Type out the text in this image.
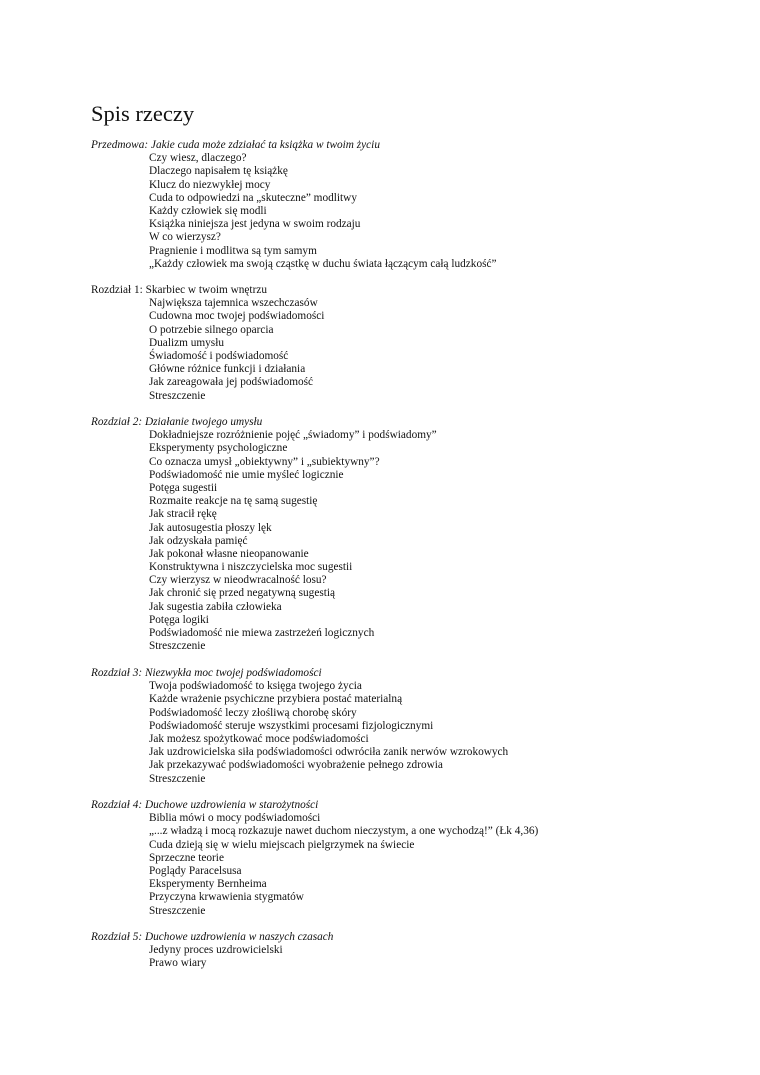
Spis rzeczy
Przedmowa: Jakie cuda może zdziałać ta książka w twoim życiu
Czy wiesz, dlaczego?
Dlaczego napisałem tę książkę
Klucz do niezwykłej mocy
Cuda to odpowiedzi na „skuteczne” modlitwy
Każdy człowiek się modli
Książka niniejsza jest jedyna w swoim rodzaju
W co wierzysz?
Pragnienie i modlitwa są tym samym
„Każdy człowiek ma swoją cząstkę w duchu świata łączącym całą ludzkość”
Rozdział 1: Skarbiec w twoim wnętrzu
Największa tajemnica wszechczasów
Cudowna moc twojej podświadomości
O potrzebie silnego oparcia
Dualizm umysłu
Świadomość i podświadomość
Główne różnice funkcji i działania
Jak zareagowała jej podświadomość
Streszczenie
Rozdział 2: Działanie twojego umysłu
Dokładniejsze rozróżnienie pojęć „świadomy” i podświadomy”
Eksperymenty psychologiczne
Co oznacza umysł „obiektywny” i „subiektywny”?
Podświadomość nie umie myśleć logicznie
Potęga sugestii
Rozmaite reakcje na tę samą sugestię
Jak stracił rękę
Jak autosugestia płoszy lęk
Jak odzyskała pamięć
Jak pokonał własne nieopanowanie
Konstruktywna i niszczycielska moc sugestii
Czy wierzysz w nieodwracalność losu?
Jak chronić się przed negatywną sugestią
Jak sugestia zabiła człowieka
Potęga logiki
Podświadomość nie miewa zastrzeżeń logicznych
Streszczenie
Rozdział 3: Niezwykła moc twojej podświadomości
Twoja podświadomość to księga twojego życia
Każde wrażenie psychiczne przybiera postać materialną
Podświadomość leczy złośliwą chorobę skóry
Podświadomość steruje wszystkimi procesami fizjologicznymi
Jak możesz spożytkować moce podświadomości
Jak uzdrowicielska siła podświadomości odwróciła zanik nerwów wzrokowych
Jak przekazywać podświadomości wyobrażenie pełnego zdrowia
Streszczenie
Rozdział 4: Duchowe uzdrowienia w starożytności
Biblia mówi o mocy podświadomości
„...z władzą i mocą rozkazuje nawet duchom nieczystym, a one wychodzą!” (Łk 4,36)
Cuda dzieją się w wielu miejscach pielgrzymek na świecie
Sprzeczne teorie
Poglądy Paracelsusa
Eksperymenty Bernheima
Przyczyna krwawienia stygmatów
Streszczenie
Rozdział 5: Duchowe uzdrowienia w naszych czasach
Jedyny proces uzdrowicielski
Prawo wiary
